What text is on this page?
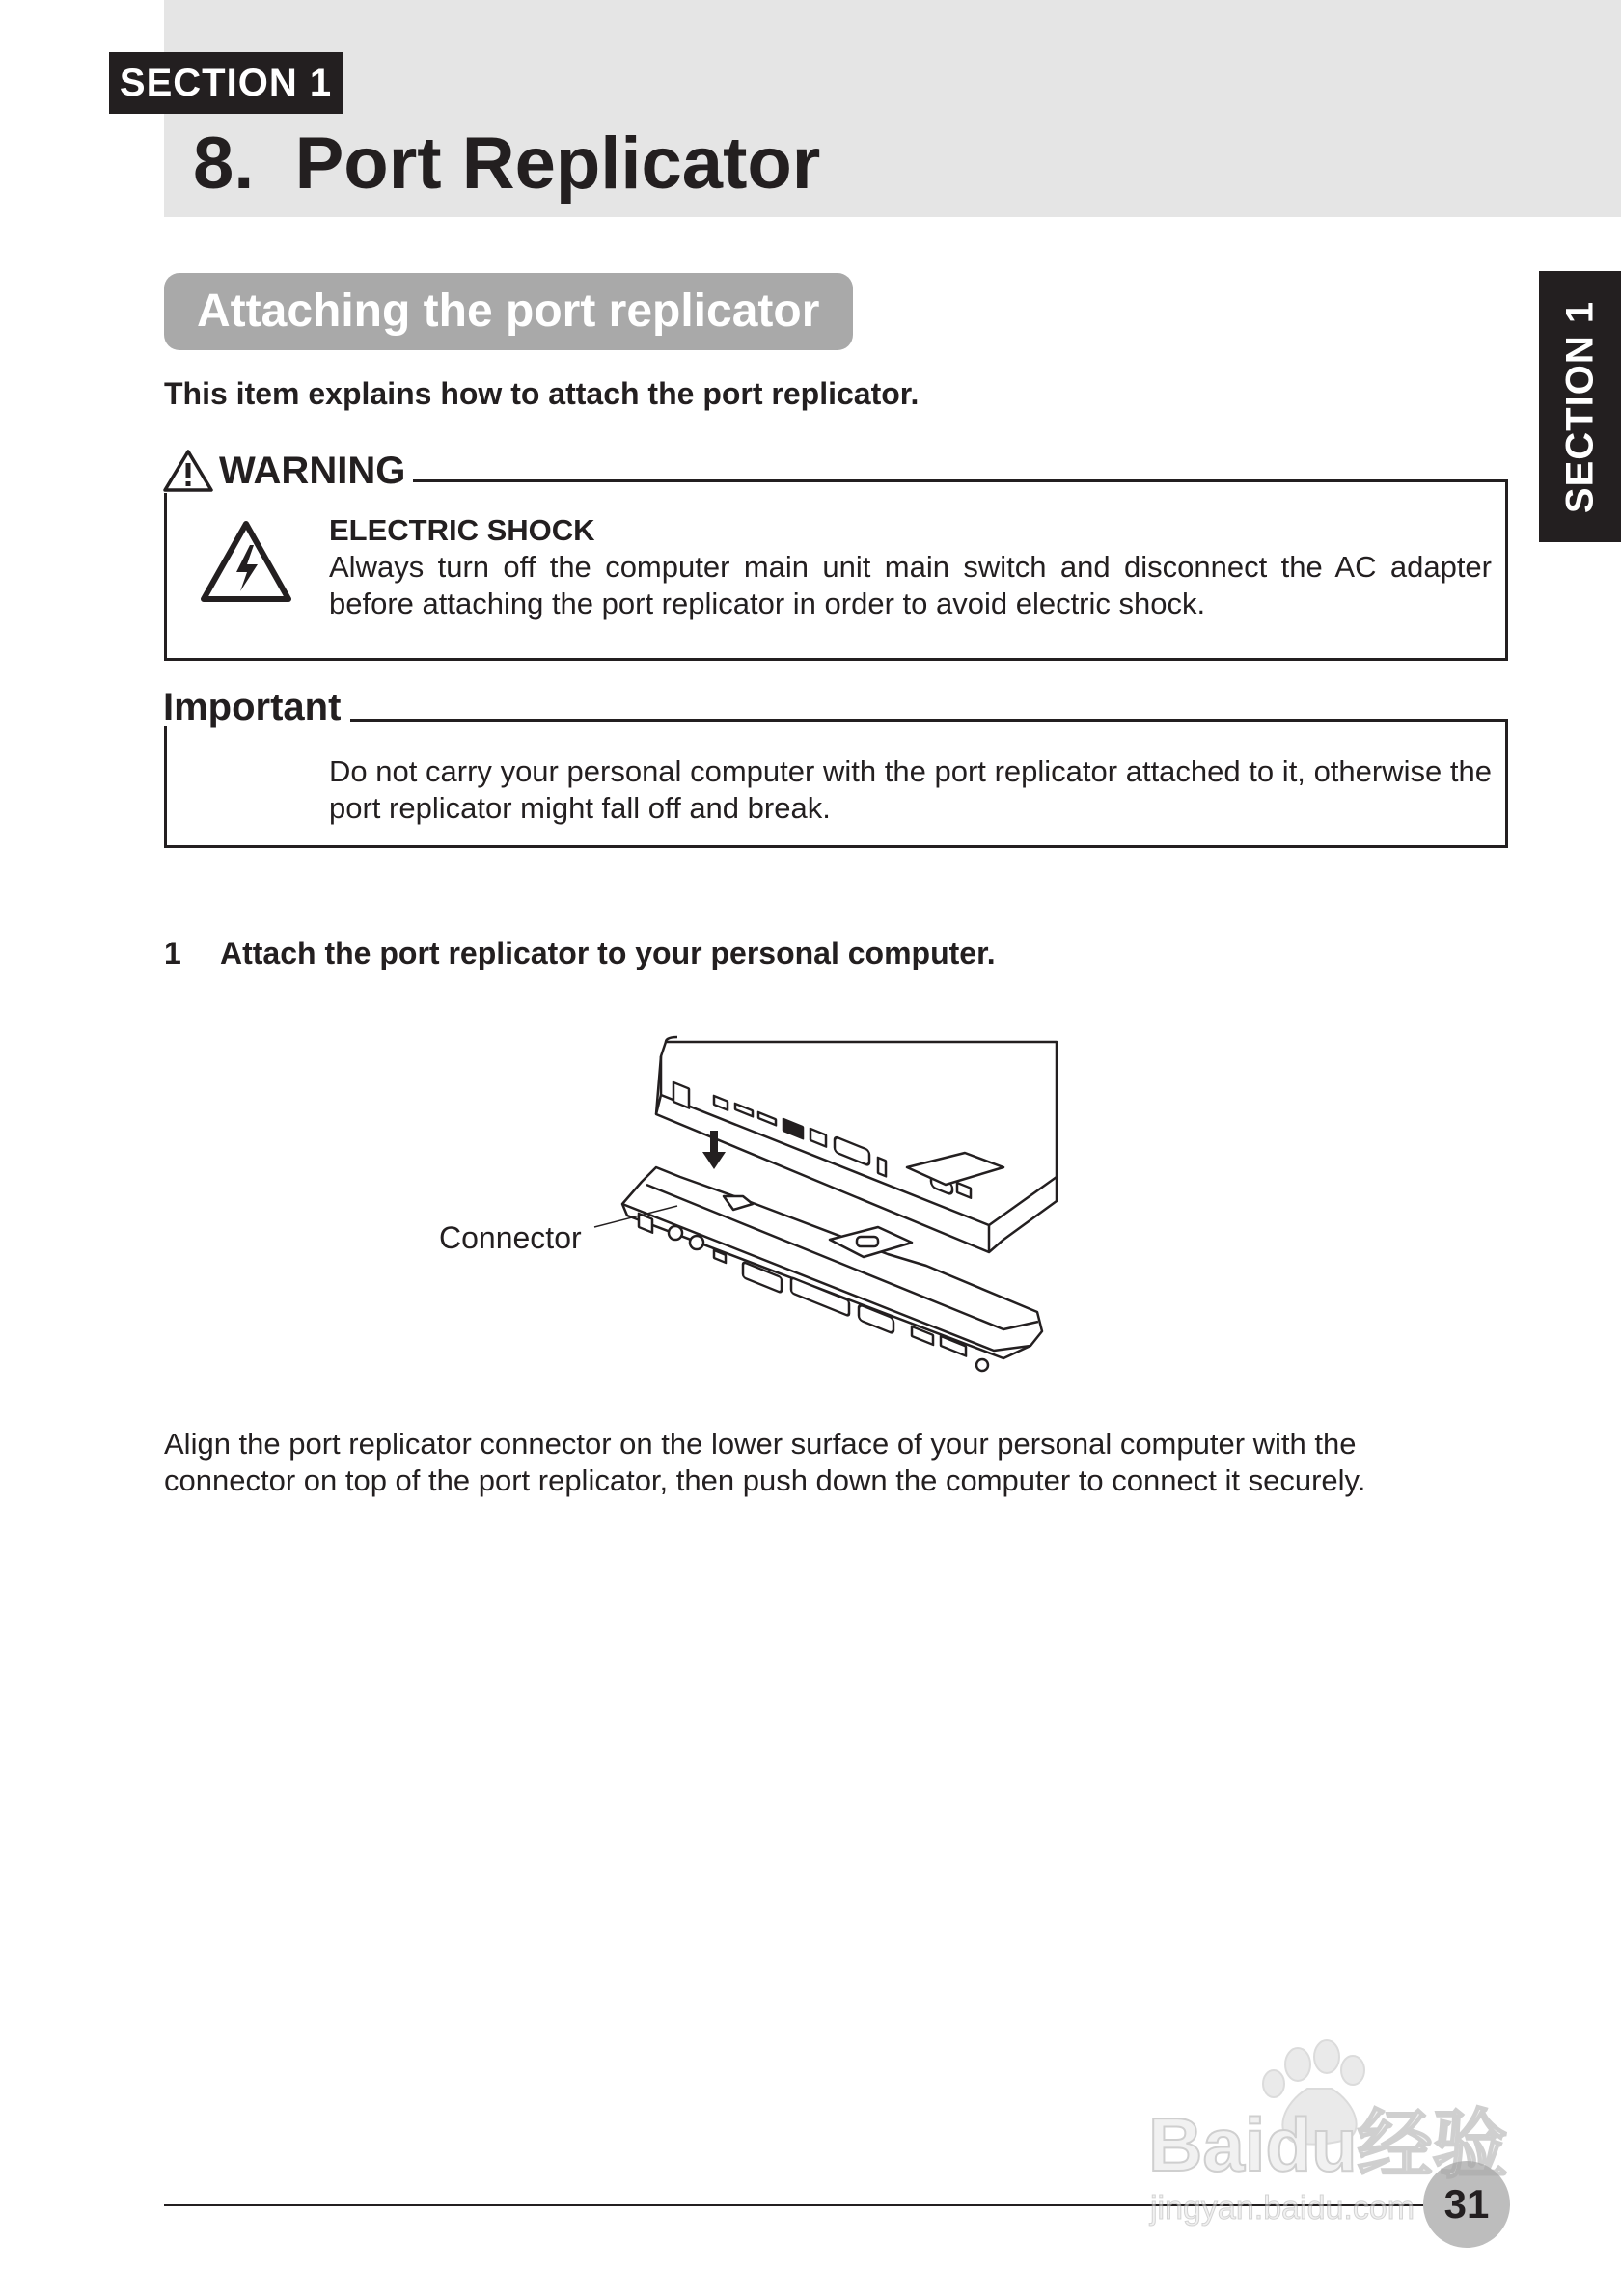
SECTION 1
8.  Port Replicator
SECTION 1
Attaching the port replicator
This item explains how to attach the port replicator.
WARNING
ELECTRIC SHOCK
Always turn off the computer main unit main switch and disconnect the AC adapter before attaching the port replicator in order to avoid electric shock.
Important
Do not carry your personal computer with the port replicator attached to it, otherwise the port replicator might fall off and break.
1 Attach the port replicator to your personal computer.
Connector
Align the port replicator connector on the lower surface of your personal computer with the connector on top of the port replicator, then push down the computer to connect it securely.
31
Baidu经验
jingyan.baidu.com
